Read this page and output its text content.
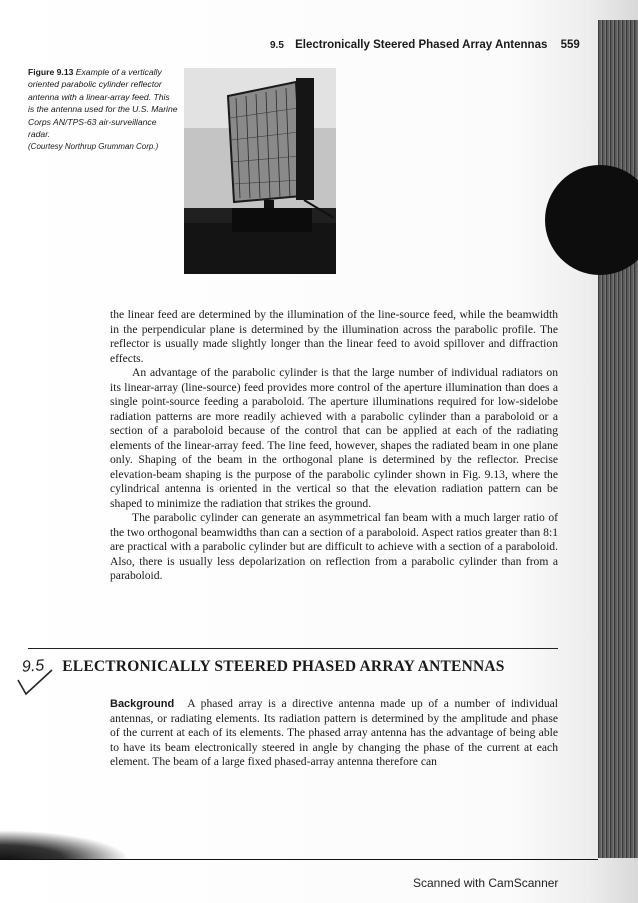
9.5 Electronically Steered Phased Array Antennas 559
Figure 9.13 Example of a vertically oriented parabolic cylinder reflector antenna with a linear-array feed. This is the antenna used for the U.S. Marine Corps AN/TPS-63 air-surveillance radar.
(Courtesy Northrup Grumman Corp.)

the linear feed are determined by the illumination of the line-source feed, while the beamwidth in the perpendicular plane is determined by the illumination across the parabolic profile. The reflector is usually made slightly longer than the linear feed to avoid spillover and diffraction effects.

An advantage of the parabolic cylinder is that the large number of individual radiators on its linear-array (line-source) feed provides more control of the aperture illumination than does a single point-source feeding a paraboloid. The aperture illuminations required for low-sidelobe radiation patterns are more readily achieved with a parabolic cylinder than a paraboloid or a section of a paraboloid because of the control that can be applied at each of the radiating elements of the linear-array feed. The line feed, however, shapes the radiated beam in one plane only. Shaping of the beam in the orthogonal plane is determined by the reflector. Precise elevation-beam shaping is the purpose of the parabolic cylinder shown in Fig. 9.13, where the cylindrical antenna is oriented in the vertical so that the elevation radiation pattern can be shaped to minimize the radiation that strikes the ground.

The parabolic cylinder can generate an asymmetrical fan beam with a much larger ratio of the two orthogonal beamwidths than can a section of a paraboloid. Aspect ratios greater than 8:1 are practical with a parabolic cylinder but are difficult to achieve with a section of a paraboloid. Also, there is usually less depolarization on reflection from a parabolic cylinder than from a paraboloid.

9.5 ELECTRONICALLY STEERED PHASED ARRAY ANTENNAS

Background A phased array is a directive antenna made up of a number of individual antennas, or radiating elements. Its radiation pattern is determined by the amplitude and phase of the current at each of its elements. The phased array antenna has the advantage of being able to have its beam electronically steered in angle by changing the phase of the current at each element. The beam of a large fixed phased-array antenna therefore can

Scanned with CamScanner
